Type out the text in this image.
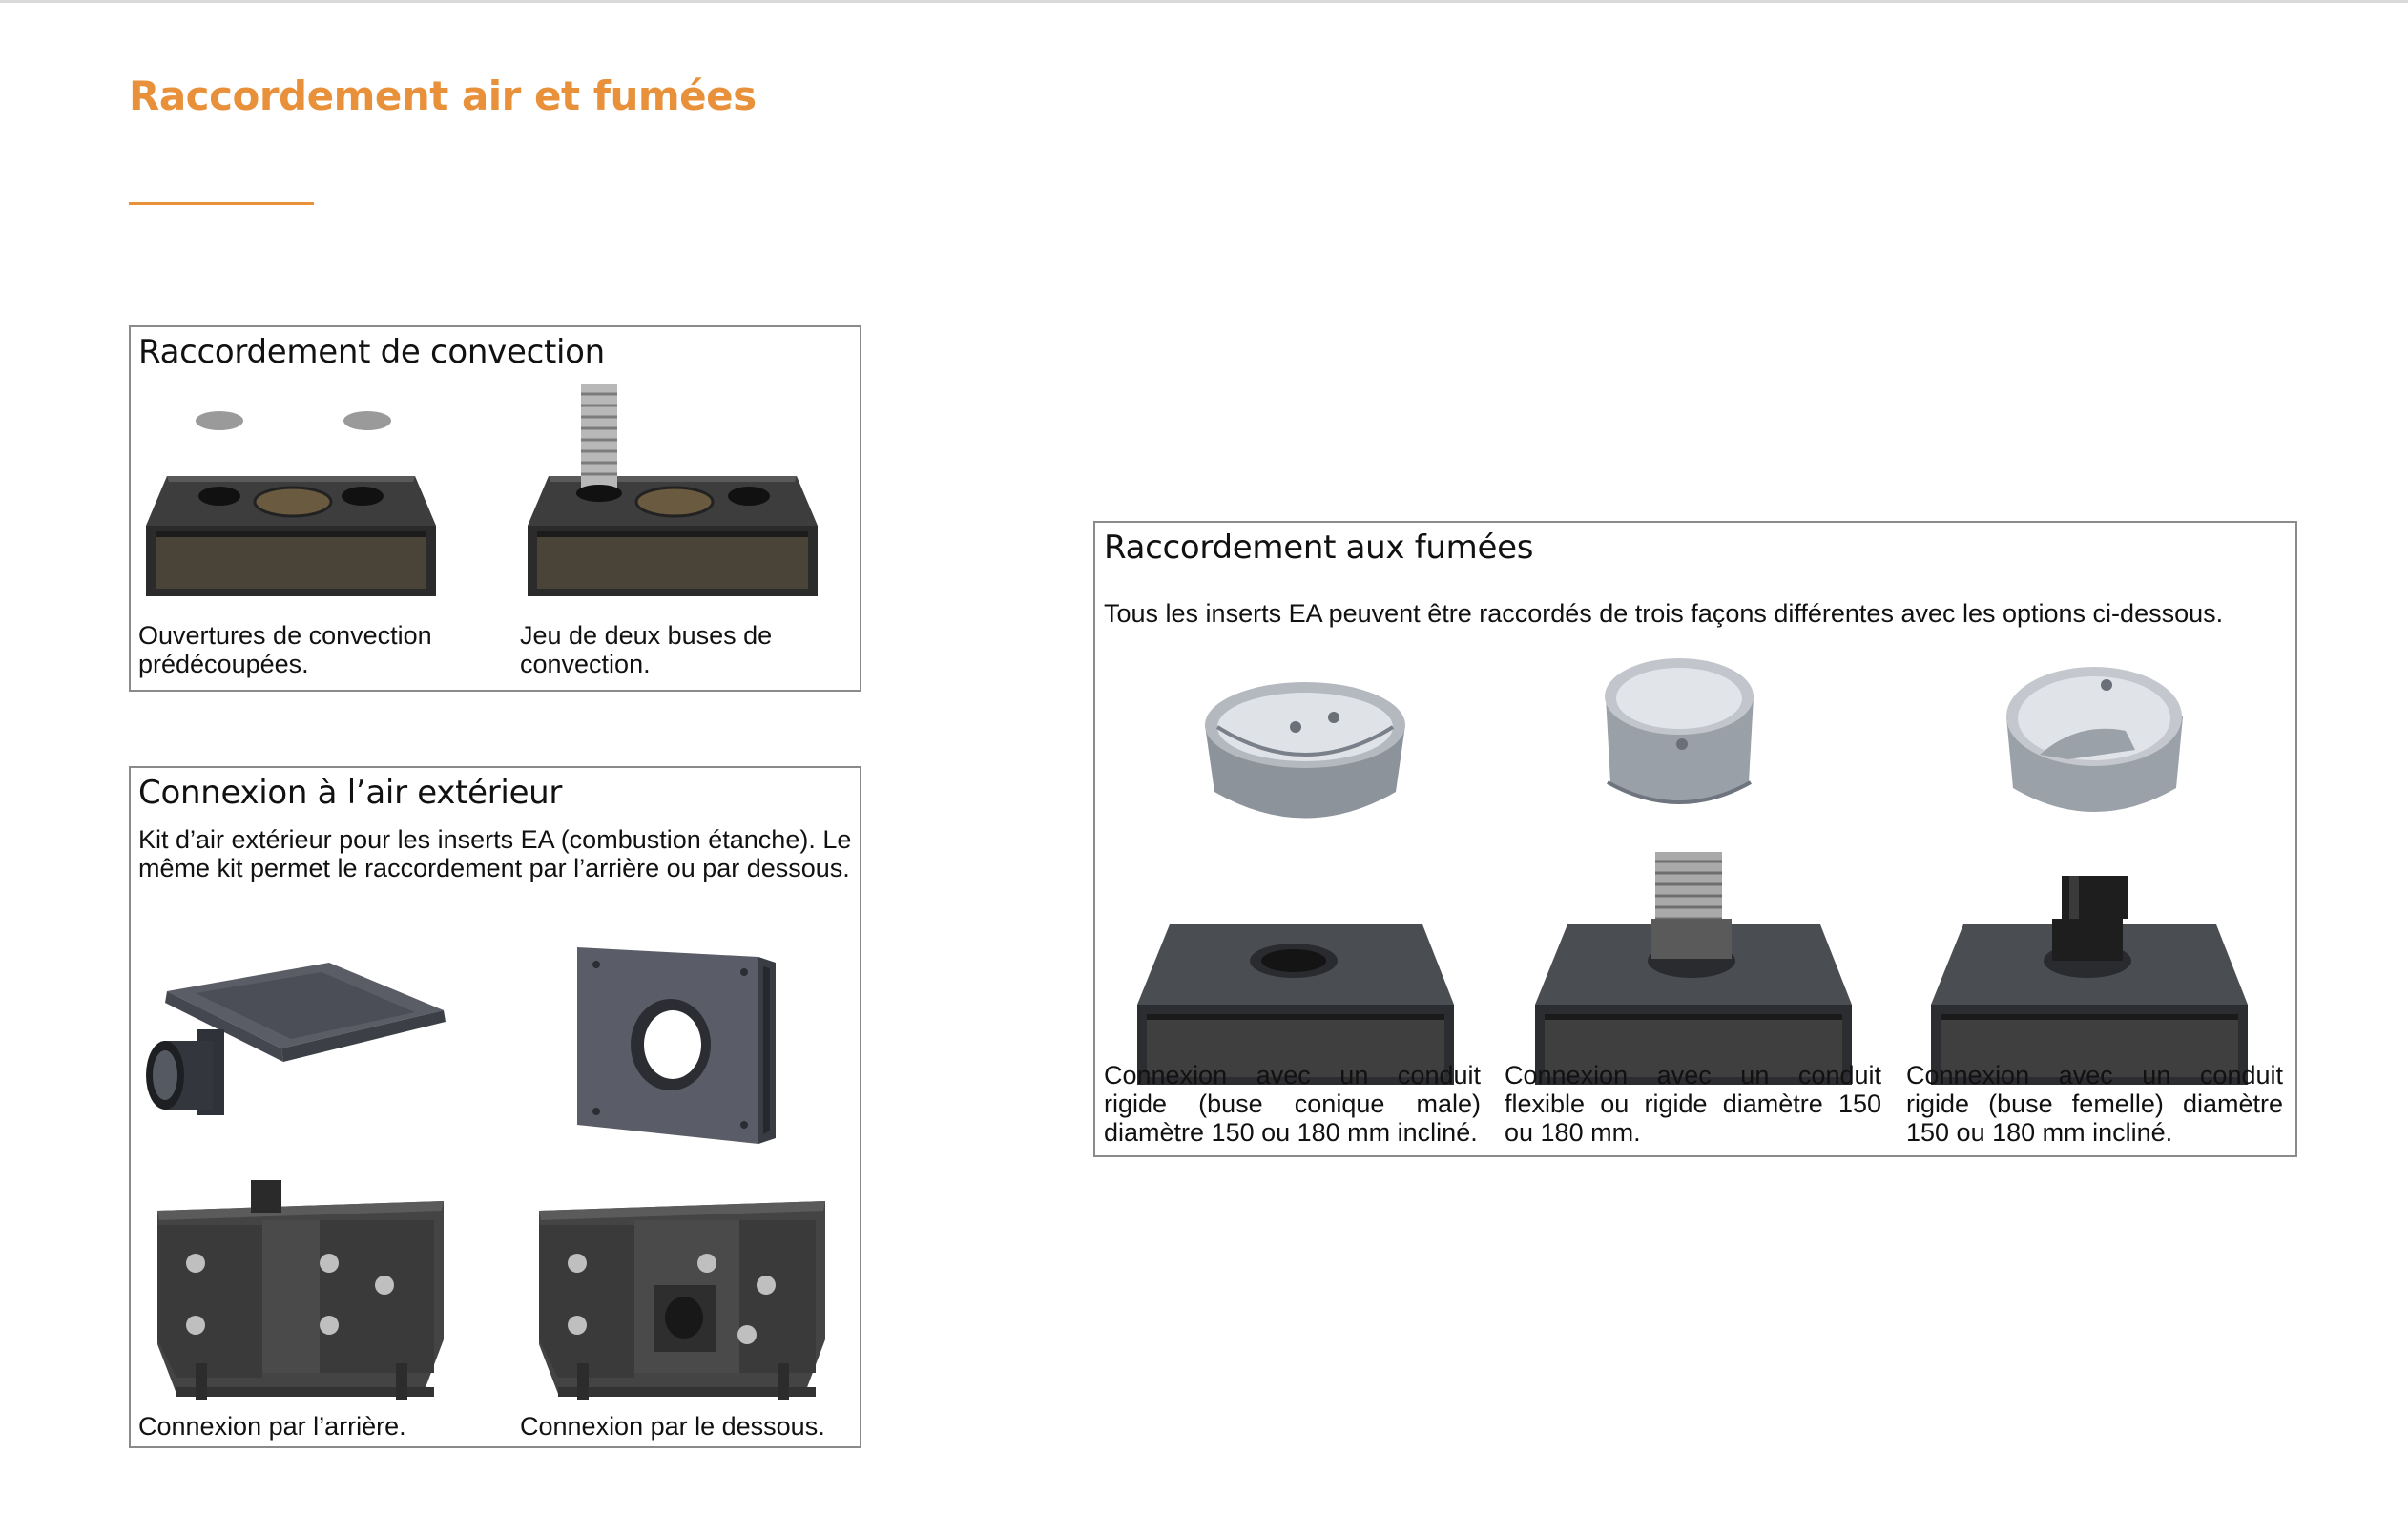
Raccordement air et fumées
Raccordement de convection

Ouvertures de convection prédécoupées.

Jeu de deux buses de convection.

Connexion à l’air extérieur

Kit d’air extérieur pour les inserts EA (combustion étanche). Le même kit permet le raccordement par l’arrière ou par dessous.

Connexion par l’arrière.	Connexion par le dessous.

Raccordement aux fumées

Tous les inserts EA peuvent être raccordés de trois façons différentes avec les options ci-dessous.

Connexion avec un conduit rigide (buse conique male) diamètre 150 ou 180 mm incliné.

Connexion avec un conduit flexible ou rigide diamètre 150 ou 180 mm.

Connexion avec un conduit rigide (buse femelle) diamètre 150 ou 180 mm incliné.
